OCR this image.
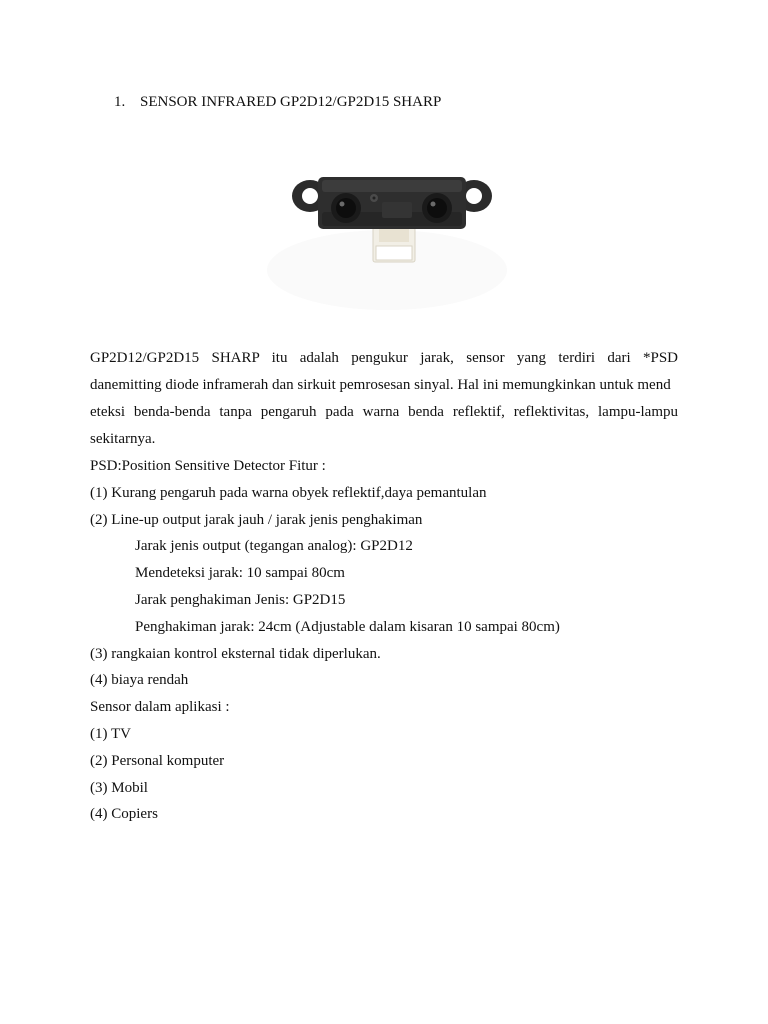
1. SENSOR INFRARED GP2D12/GP2D15 SHARP
GP2D12/GP2D15 SHARP itu adalah pengukur jarak, sensor yang terdiri dari *PSD
danemitting diode inframerah dan sirkuit pemrosesan sinyal. Hal ini memungkinkan untuk mend
eteksi benda-benda tanpa pengaruh pada warna benda reflektif, reflektivitas, lampu-lampu
sekitarnya.
PSD:Position Sensitive Detector Fitur :
(1) Kurang pengaruh pada warna obyek reflektif,daya pemantulan
(2) Line-up output jarak jauh / jarak jenis penghakiman
Jarak jenis output (tegangan analog): GP2D12
Mendeteksi jarak: 10 sampai 80cm
Jarak penghakiman Jenis: GP2D15
Penghakiman jarak: 24cm (Adjustable dalam kisaran 10 sampai 80cm)
(3) rangkaian kontrol eksternal tidak diperlukan.
(4) biaya rendah
Sensor dalam aplikasi :
(1) TV
(2) Personal komputer
(3) Mobil
(4) Copiers
